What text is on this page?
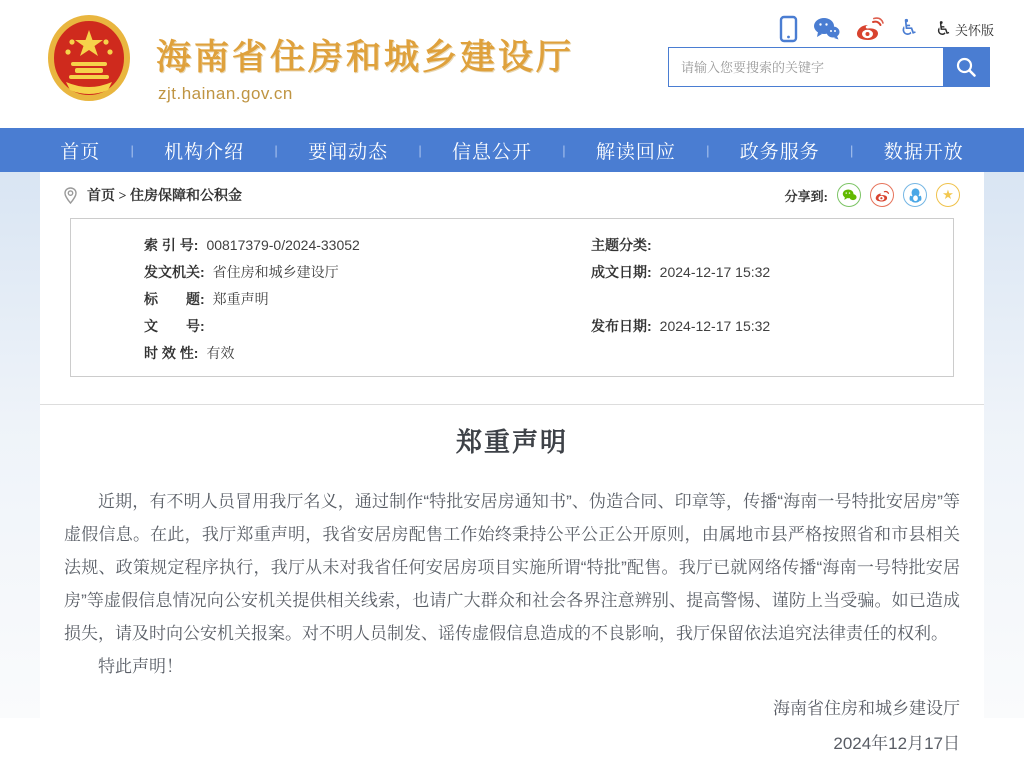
海南省住房和城乡建设厅
zjt.hainan.gov.cn
♿ ♿ 关怀版
请输入您要搜索的关键字
首页 | 机构介绍 | 要闻动态 | 信息公开 | 解读回应 | 政务服务 | 数据开放
首页 > 住房保障和公积金	分享到:	★
索 引 号: 00817379-0/2024-33052
发文机关: 省住房和城乡建设厅
标　　题: 郑重声明
文　　号:
时 效 性: 有效
主题分类:
成文日期: 2024-12-17 15:32
发布日期: 2024-12-17 15:32
郑重声明

近期，有不明人员冒用我厅名义，通过制作“特批安居房通知书”、伪造合同、印章等，传播“海南一号特批安居房”等虚假信息。在此，我厅郑重声明，我省安居房配售工作始终秉持公平公正公开原则，由属地市县严格按照省和市县相关法规、政策规定程序执行，我厅从未对我省任何安居房项目实施所谓“特批”配售。我厅已就网络传播“海南一号特批安居房”等虚假信息情况向公安机关提供相关线索，也请广大群众和社会各界注意辨别、提高警惕、谨防上当受骗。如已造成损失，请及时向公安机关报案。对不明人员制发、谣传虚假信息造成的不良影响，我厅保留依法追究法律责任的权利。

特此声明！

海南省住房和城乡建设厅
2024年12月17日
